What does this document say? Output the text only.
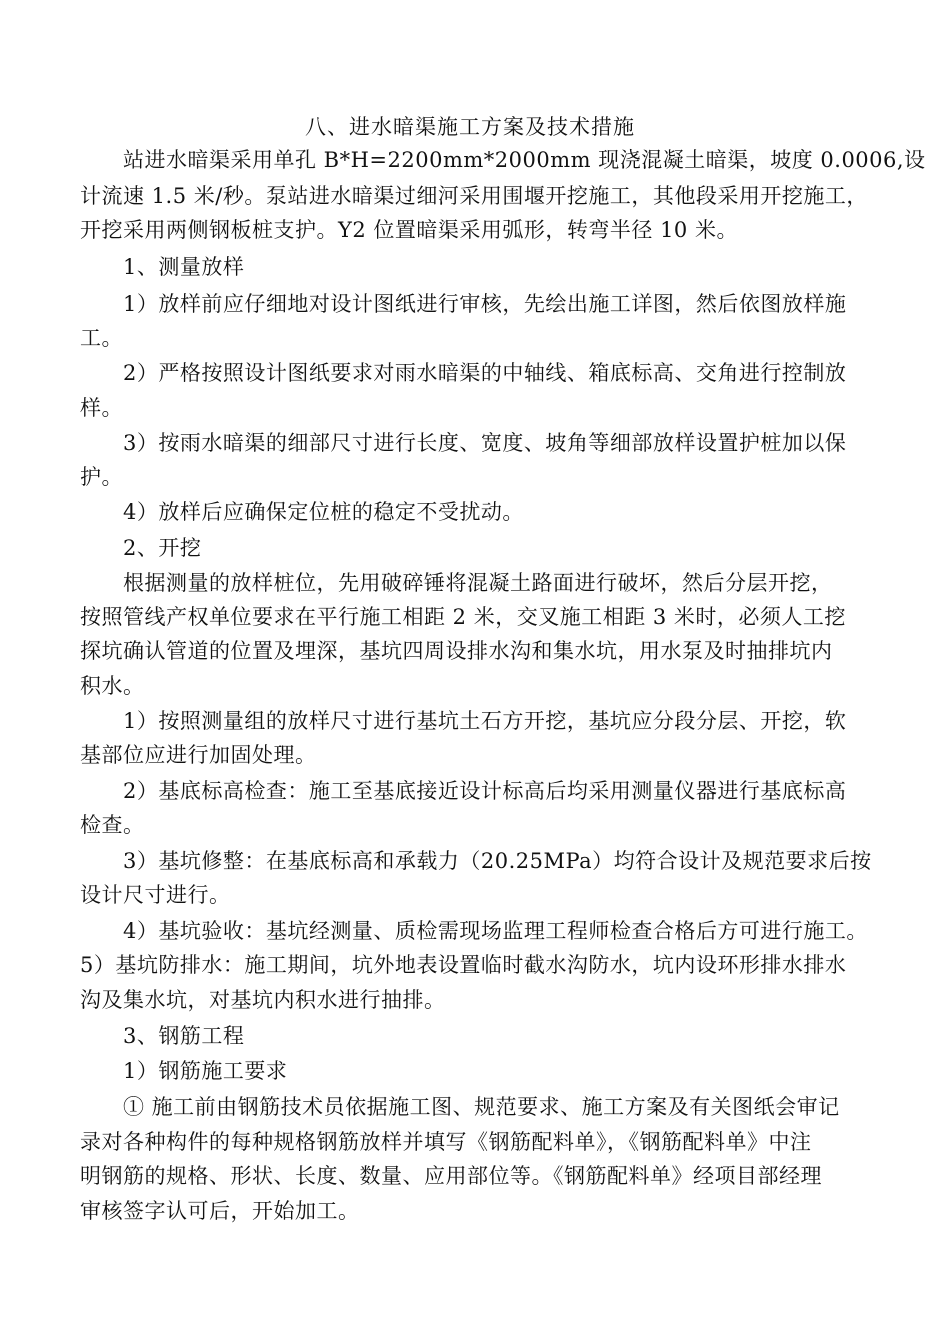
八、进水暗渠施工方案及技术措施
站进水暗渠采用单孔 B*H=2200mm*2000mm 现浇混凝土暗渠，坡度 0.0006,设
计流速 1.5 米/秒。泵站进水暗渠过细河采用围堰开挖施工，其他段采用开挖施工，
开挖采用两侧钢板桩支护。Y2 位置暗渠采用弧形，转弯半径 10 米。
1、测量放样
1）放样前应仔细地对设计图纸进行审核，先绘出施工详图，然后依图放样施
工。
2）严格按照设计图纸要求对雨水暗渠的中轴线、箱底标高、交角进行控制放
样。
3）按雨水暗渠的细部尺寸进行长度、宽度、坡角等细部放样设置护桩加以保
护。
4）放样后应确保定位桩的稳定不受扰动。
2、开挖
根据测量的放样桩位，先用破碎锤将混凝土路面进行破坏，然后分层开挖，
按照管线产权单位要求在平行施工相距 2 米，交叉施工相距 3 米时，必须人工挖
探坑确认管道的位置及埋深，基坑四周设排水沟和集水坑，用水泵及时抽排坑内
积水。
1）按照测量组的放样尺寸进行基坑土石方开挖，基坑应分段分层、开挖，软
基部位应进行加固处理。
2）基底标高检查：施工至基底接近设计标高后均采用测量仪器进行基底标高
检查。
3）基坑修整：在基底标高和承载力（20.25MPa）均符合设计及规范要求后按
设计尺寸进行。
4）基坑验收：基坑经测量、质检需现场监理工程师检查合格后方可进行施工。
5）基坑防排水：施工期间，坑外地表设置临时截水沟防水，坑内设环形排水排水
沟及集水坑，对基坑内积水进行抽排。
3、钢筋工程
1）钢筋施工要求
① 施工前由钢筋技术员依据施工图、规范要求、施工方案及有关图纸会审记
录对各种构件的每种规格钢筋放样并填写《钢筋配料单》，《钢筋配料单》中注
明钢筋的规格、形状、长度、数量、应用部位等。《钢筋配料单》经项目部经理
审核签字认可后，开始加工。
